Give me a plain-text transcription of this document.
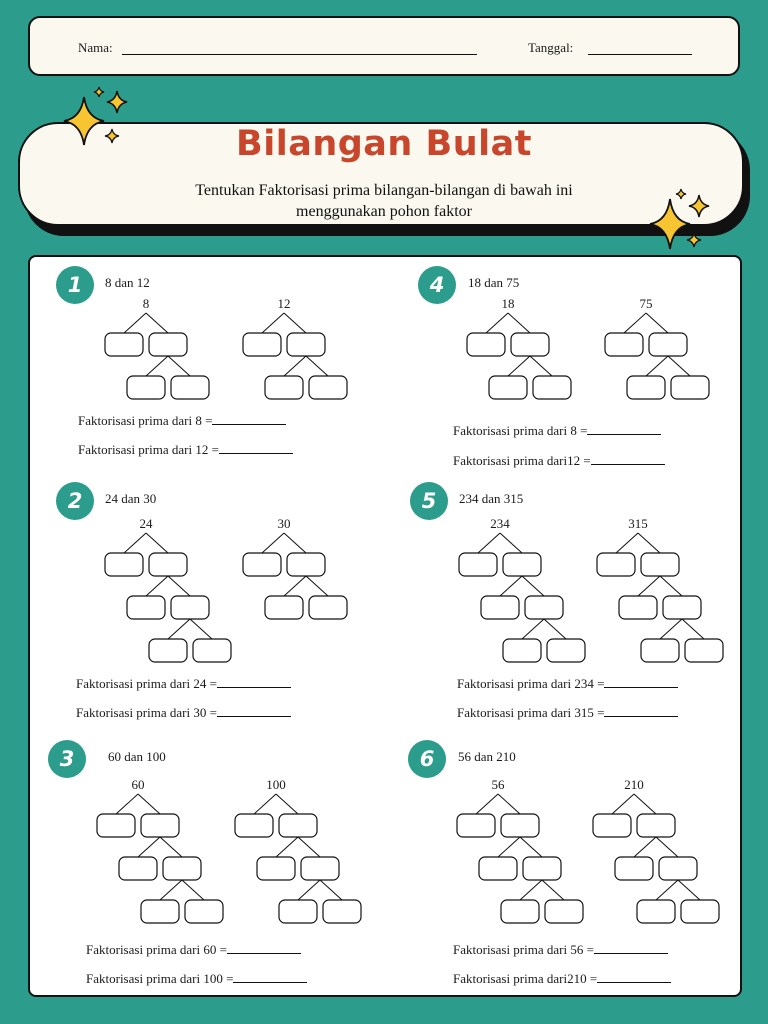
Nama:	Tanggal:
Bilangan Bulat
Tentukan Faktorisasi prima bilangan-bilangan di bawah ini
menggunakan pohon faktor
1	8 dan 12
8	12
Faktorisasi prima dari 8 =
Faktorisasi prima dari 12 =
2	24 dan 30
24	30
Faktorisasi prima dari 24 =
Faktorisasi prima dari 30 =
3	60 dan 100
60	100
Faktorisasi prima dari 60 =
Faktorisasi prima dari 100 =
4	18 dan 75
18	75
Faktorisasi prima dari 8 =
Faktorisasi prima dari12 =
5	234 dan 315
234	315
Faktorisasi prima dari 234 =
Faktorisasi prima dari 315 =
6	56 dan 210
56	210
Faktorisasi prima dari 56 =
Faktorisasi prima dari210 =
